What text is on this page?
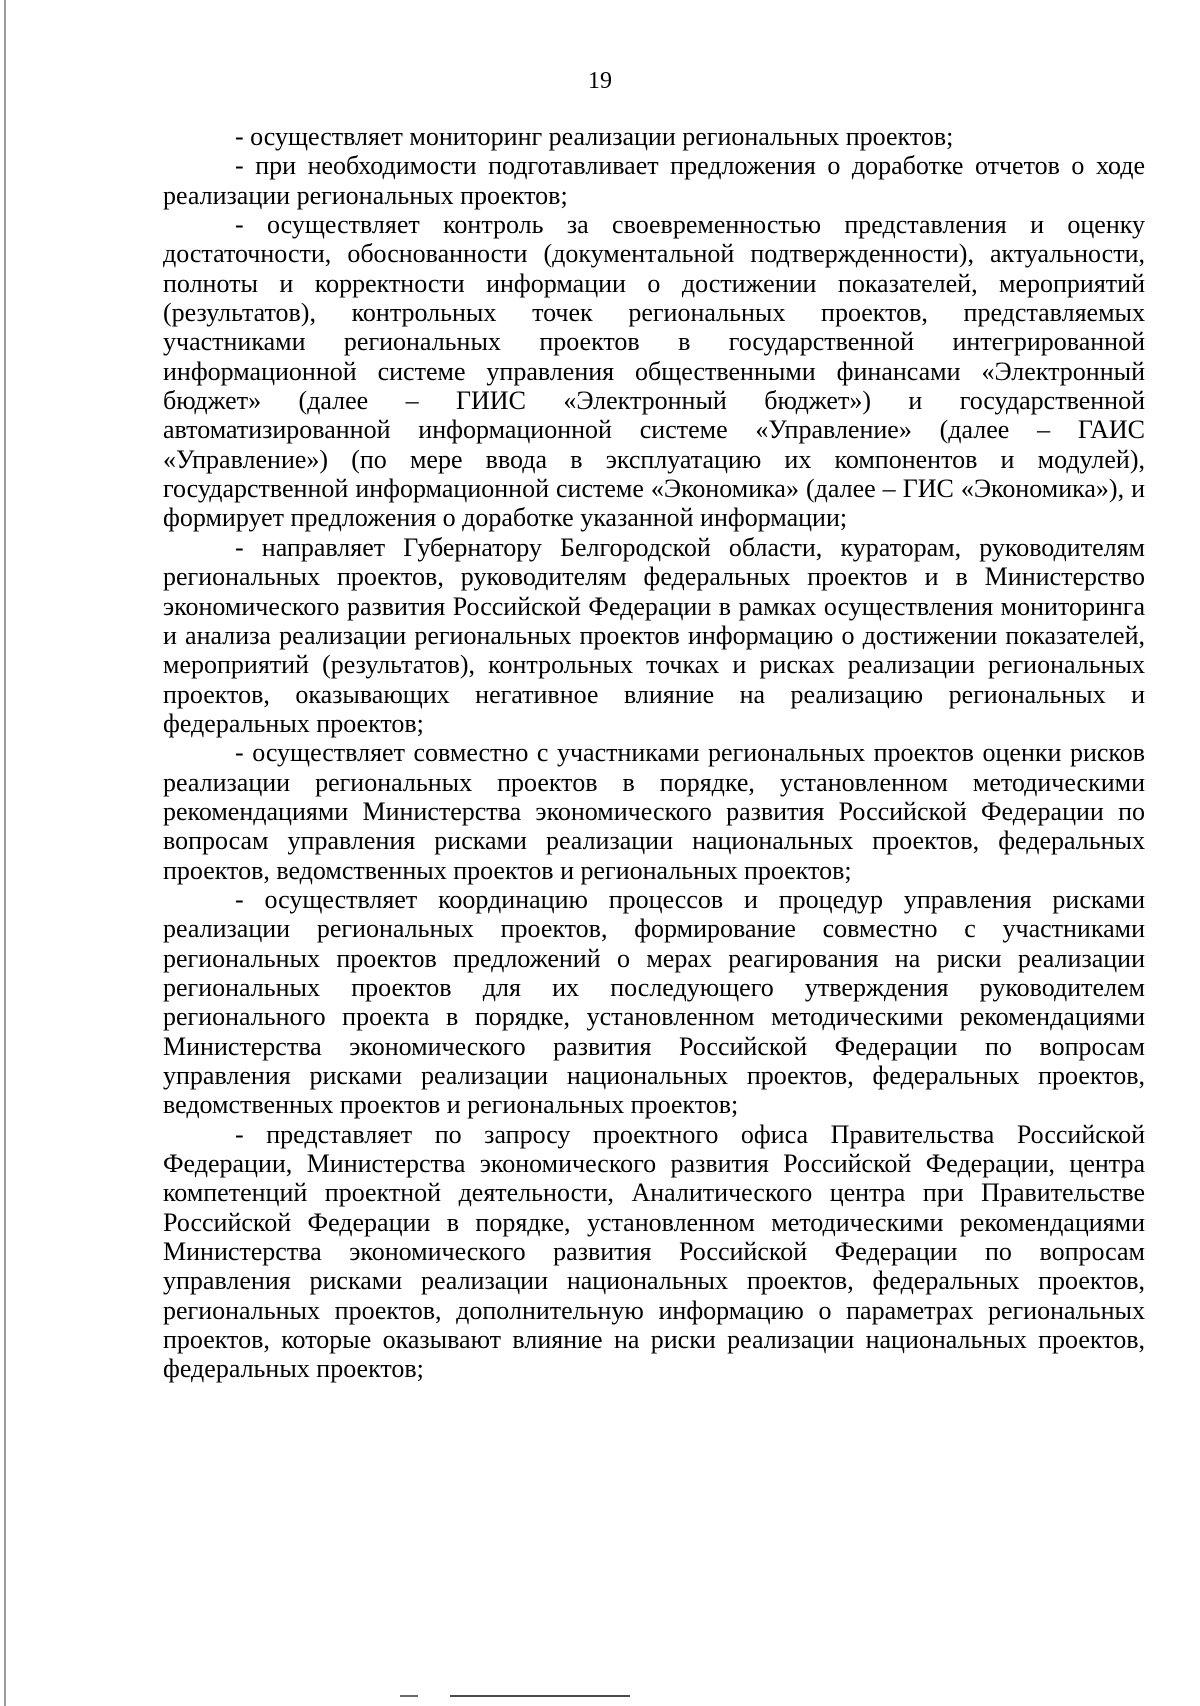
19

- осуществляет мониторинг реализации региональных проектов;

- при необходимости подготавливает предложения о доработке отчетов о ходе реализации региональных проектов;

- осуществляет контроль за своевременностью представления и оценку достаточности, обоснованности (документальной подтвержденности), актуальности, полноты и корректности информации о достижении показателей, мероприятий (результатов), контрольных точек региональных проектов, представляемых участниками региональных проектов в государственной интегрированной информационной системе управления общественными финансами «Электронный бюджет» (далее – ГИИС «Электронный бюджет») и государственной автоматизированной информационной системе «Управление» (далее – ГАИС «Управление») (по мере ввода в эксплуатацию их компонентов и модулей), государственной информационной системе «Экономика» (далее – ГИС «Экономика»), и формирует предложения о доработке указанной информации;

- направляет Губернатору Белгородской области, кураторам, руководителям региональных проектов, руководителям федеральных проектов и в Министерство экономического развития Российской Федерации в рамках осуществления мониторинга и анализа реализации региональных проектов информацию о достижении показателей, мероприятий (результатов), контрольных точках и рисках реализации региональных проектов, оказывающих негативное влияние на реализацию региональных и федеральных проектов;

- осуществляет совместно с участниками региональных проектов оценки рисков реализации региональных проектов в порядке, установленном методическими рекомендациями Министерства экономического развития Российской Федерации по вопросам управления рисками реализации национальных проектов, федеральных проектов, ведомственных проектов и региональных проектов;

- осуществляет координацию процессов и процедур управления рисками реализации региональных проектов, формирование совместно с участниками региональных проектов предложений о мерах реагирования на риски реализации региональных проектов для их последующего утверждения руководителем регионального проекта в порядке, установленном методическими рекомендациями Министерства экономического развития Российской Федерации по вопросам управления рисками реализации национальных проектов, федеральных проектов, ведомственных проектов и региональных проектов;

- представляет по запросу проектного офиса Правительства Российской Федерации, Министерства экономического развития Российской Федерации, центра компетенций проектной деятельности, Аналитического центра при Правительстве Российской Федерации в порядке, установленном методическими рекомендациями Министерства экономического развития Российской Федерации по вопросам управления рисками реализации национальных проектов, федеральных проектов, региональных проектов, дополнительную информацию о параметрах региональных проектов, которые оказывают влияние на риски реализации национальных проектов, федеральных проектов;
